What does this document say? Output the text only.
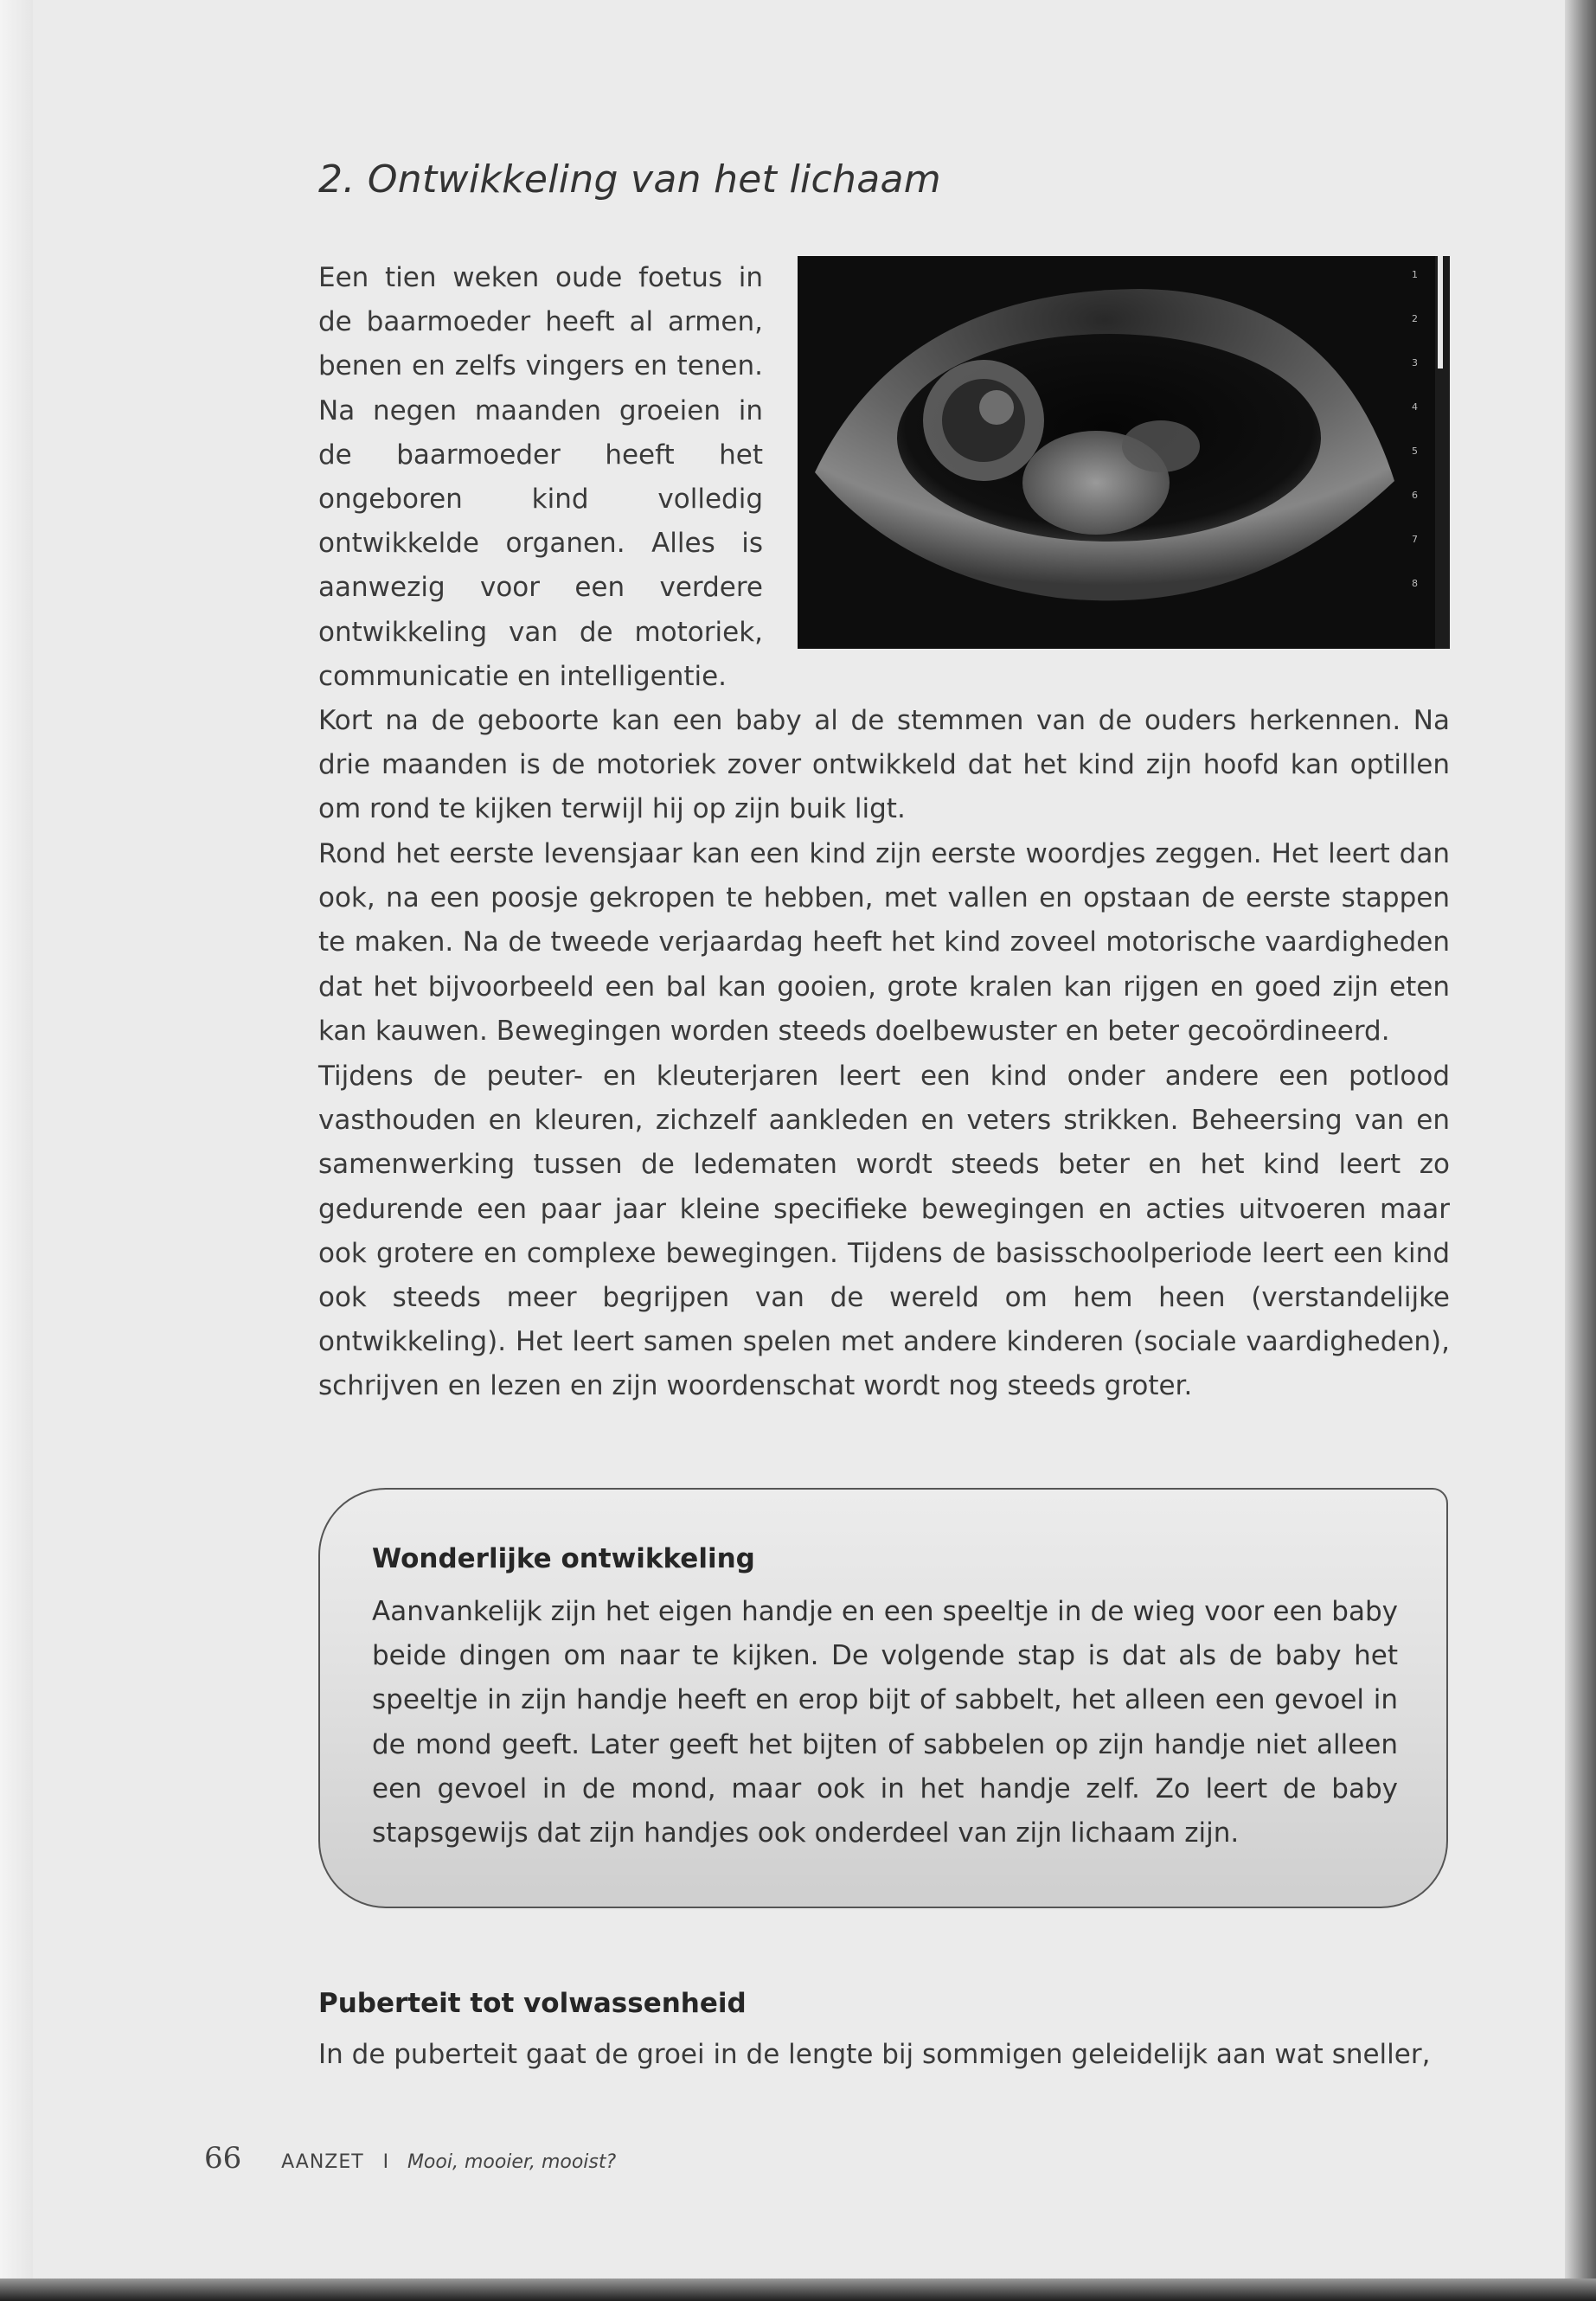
2. Ontwikkeling van het lichaam

Een tien weken oude foetus in de baarmoeder heeft al armen, benen en zelfs vingers en tenen. Na negen maanden groeien in de baarmoeder heeft het ongeboren kind volledig ontwikkelde organen. Alles is aanwezig voor een verdere ontwikkeling van de motoriek, communicatie en intelligentie.

1
2
3
4
5
6
7
8

Kort na de geboorte kan een baby al de stemmen van de ouders herkennen. Na drie maanden is de motoriek zover ontwikkeld dat het kind zijn hoofd kan optillen om rond te kijken terwijl hij op zijn buik ligt.

Rond het eerste levensjaar kan een kind zijn eerste woordjes zeggen. Het leert dan ook, na een poosje gekropen te hebben, met vallen en opstaan de eerste stappen te maken. Na de tweede verjaardag heeft het kind zoveel motorische vaardigheden dat het bijvoorbeeld een bal kan gooien, grote kralen kan rijgen en goed zijn eten kan kauwen. Bewegingen worden steeds doelbewuster en beter gecoördineerd.

Tijdens de peuter- en kleuterjaren leert een kind onder andere een potlood vasthouden en kleuren, zichzelf aankleden en veters strikken. Beheersing van en samenwerking tussen de ledematen wordt steeds beter en het kind leert zo gedurende een paar jaar kleine specifieke bewegingen en acties uitvoeren maar ook grotere en complexe bewegingen. Tijdens de basisschoolperiode leert een kind ook steeds meer begrijpen van de wereld om hem heen (verstandelijke ontwikkeling). Het leert samen spelen met andere kinderen (sociale vaardigheden), schrijven en lezen en zijn woordenschat wordt nog steeds groter.

Wonderlijke ontwikkeling

Aanvankelijk zijn het eigen handje en een speeltje in de wieg voor een baby beide dingen om naar te kijken. De volgende stap is dat als de baby het speeltje in zijn handje heeft en erop bijt of sabbelt, het alleen een gevoel in de mond geeft. Later geeft het bijten of sabbelen op zijn handje niet alleen een gevoel in de mond, maar ook in het handje zelf. Zo leert de baby stapsgewijs dat zijn handjes ook onderdeel van zijn lichaam zijn.

Puberteit tot volwassenheid

In de puberteit gaat de groei in de lengte bij sommigen geleidelijk aan wat sneller,

66 AANZET I Mooi, mooier, mooist?
